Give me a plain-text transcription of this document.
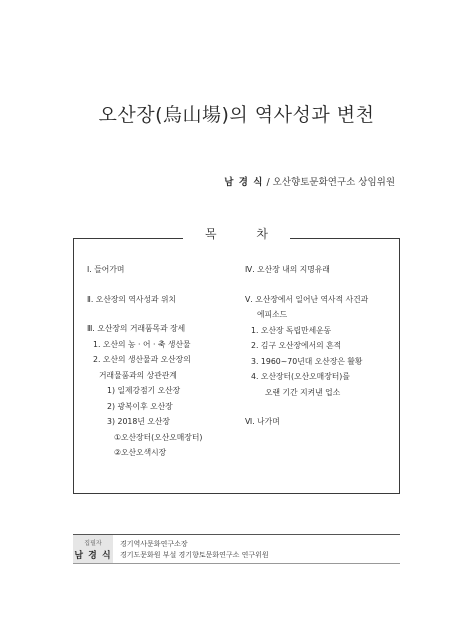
오산장(烏山場)의 역사성과 변천
남 경 식 / 오산향토문화연구소 상임위원
목 차
Ⅰ. 들어가며
Ⅱ. 오산장의 역사성과 위치
Ⅲ. 오산장의 거래품목과 장세
1. 오산의 농 · 어 · 축 생산물
2. 오산의 생산물과 오산장의
거래물품과의 상관관계
1) 일제강점기 오산장
2) 광복이후 오산장
3) 2018년 오산장
①오산장터(오산오매장터)
②오산오색시장
Ⅳ. 오산장 내의 지명유래
Ⅴ. 오산장에서 일어난 역사적 사건과
에피소드
1. 오산장 독립만세운동
2. 김구 오산장에서의 흔적
3. 1960~70년대 오산장은 활황
4. 오산장터(오산오매장터)를
오랜 기간 지켜낸 업소
Ⅵ. 나가며
집필자
남 경 식
경기역사문화연구소장
경기도문화원 부설 경기향토문화연구소 연구위원
